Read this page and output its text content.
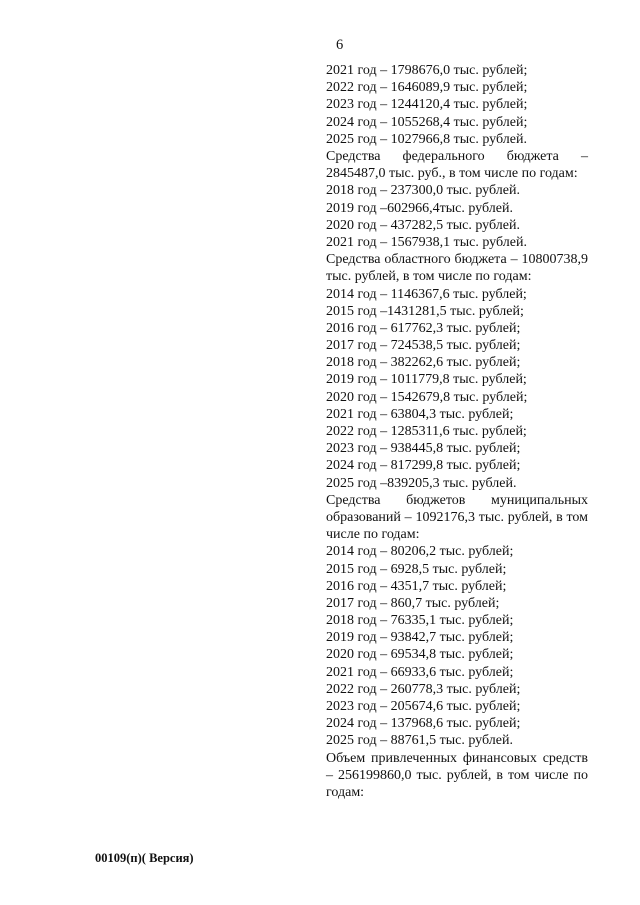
6
2021 год – 1798676,0 тыс. рублей;
2022 год – 1646089,9 тыс. рублей;
2023 год – 1244120,4 тыс. рублей;
2024 год – 1055268,4 тыс. рублей;
2025 год – 1027966,8 тыс. рублей.
Средства федерального бюджета – 2845487,0 тыс. руб., в том числе по годам:
2018 год – 237300,0 тыс. рублей.
2019 год –602966,4тыс. рублей.
2020 год – 437282,5 тыс. рублей.
2021 год – 1567938,1 тыс. рублей.
Средства областного бюджета – 10800738,9 тыс. рублей, в том числе по годам:
2014 год – 1146367,6 тыс. рублей;
2015 год –1431281,5 тыс. рублей;
2016 год – 617762,3 тыс. рублей;
2017 год – 724538,5 тыс. рублей;
2018 год – 382262,6 тыс. рублей;
2019 год – 1011779,8 тыс. рублей;
2020 год – 1542679,8 тыс. рублей;
2021 год – 63804,3 тыс. рублей;
2022 год – 1285311,6 тыс. рублей;
2023 год – 938445,8 тыс. рублей;
2024 год – 817299,8 тыс. рублей;
2025 год –839205,3 тыс. рублей.
Средства бюджетов муниципальных образований – 1092176,3 тыс. рублей, в том числе по годам:
2014 год – 80206,2 тыс. рублей;
2015 год – 6928,5 тыс. рублей;
2016 год – 4351,7 тыс. рублей;
2017 год – 860,7 тыс. рублей;
2018 год – 76335,1 тыс. рублей;
2019 год – 93842,7 тыс. рублей;
2020 год – 69534,8 тыс. рублей;
2021 год – 66933,6 тыс. рублей;
2022 год – 260778,3 тыс. рублей;
2023 год – 205674,6 тыс. рублей;
2024 год – 137968,6 тыс. рублей;
2025 год – 88761,5 тыс. рублей.
Объем привлеченных финансовых средств – 256199860,0 тыс. рублей, в том числе по годам:
00109(п)( Версия)
